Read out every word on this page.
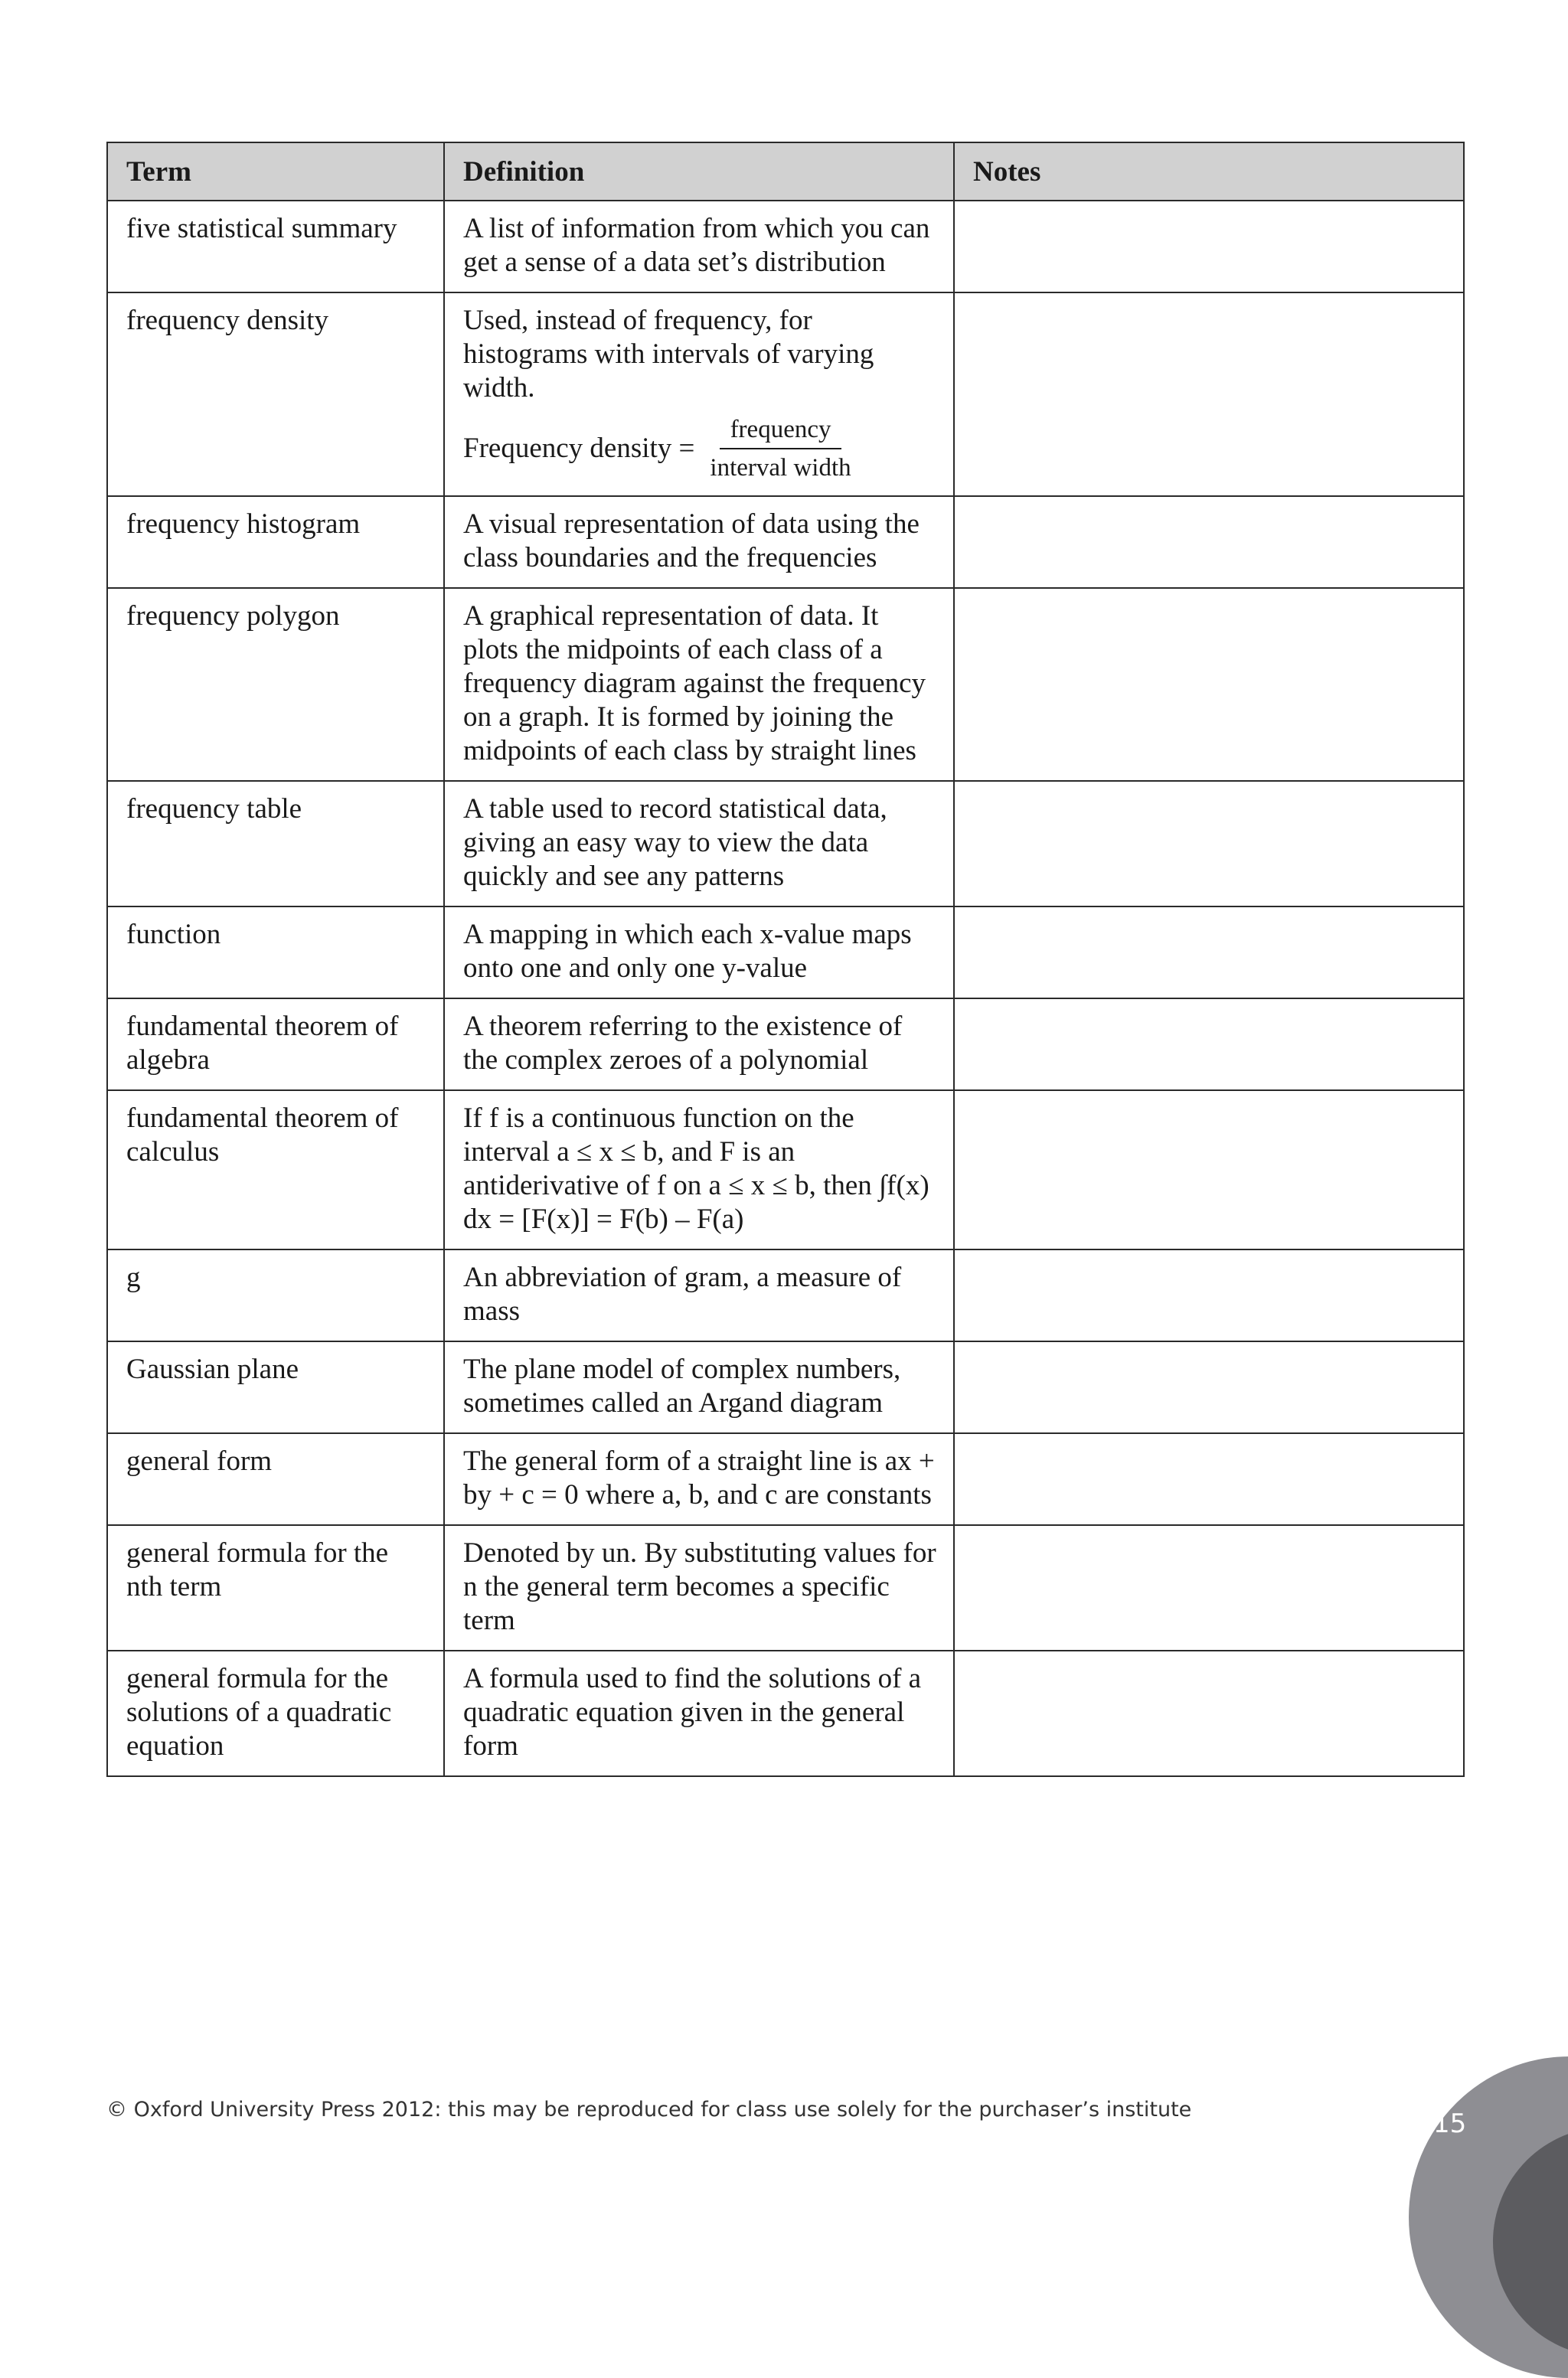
Term	Definition	Notes
five statistical summary	A list of information from which you can get a sense of a data set’s distribution	
frequency density	Used, instead of frequency, for histograms with intervals of varying width.
Frequency density = $\frac{\text{frequency}}{\text{interval width}}$

frequency histogram	A visual representation of data using the class boundaries and the frequencies	
frequency polygon	A graphical representation of data. It plots the midpoints of each class of a frequency diagram against the frequency on a graph. It is formed by joining the midpoints of each class by straight lines	
frequency table	A table used to record statistical data, giving an easy way to view the data quickly and see any patterns	
function	A mapping in which each x-value maps onto one and only one y-value	
fundamental theorem of algebra	A theorem referring to the existence of the complex zeroes of a polynomial	
fundamental theorem of calculus	If f is a continuous function on the interval a ≤ x ≤ b, and F is an antiderivative of f on a ≤ x ≤ b, then ∫f(x) dx = [F(x)] = F(b) – F(a)	
g	An abbreviation of gram, a measure of mass	
Gaussian plane	The plane model of complex numbers, sometimes called an Argand diagram	
general form	The general form of a straight line is ax + by + c = 0 where a, b, and c are constants	
general formula for the nth term	Denoted by un. By substituting values for n the general term becomes a specific term	
general formula for the solutions of a quadratic equation	A formula used to find the solutions of a quadratic equation given in the general form	
© Oxford University Press 2012: this may be reproduced for class use solely for the purchaser’s institute	15
